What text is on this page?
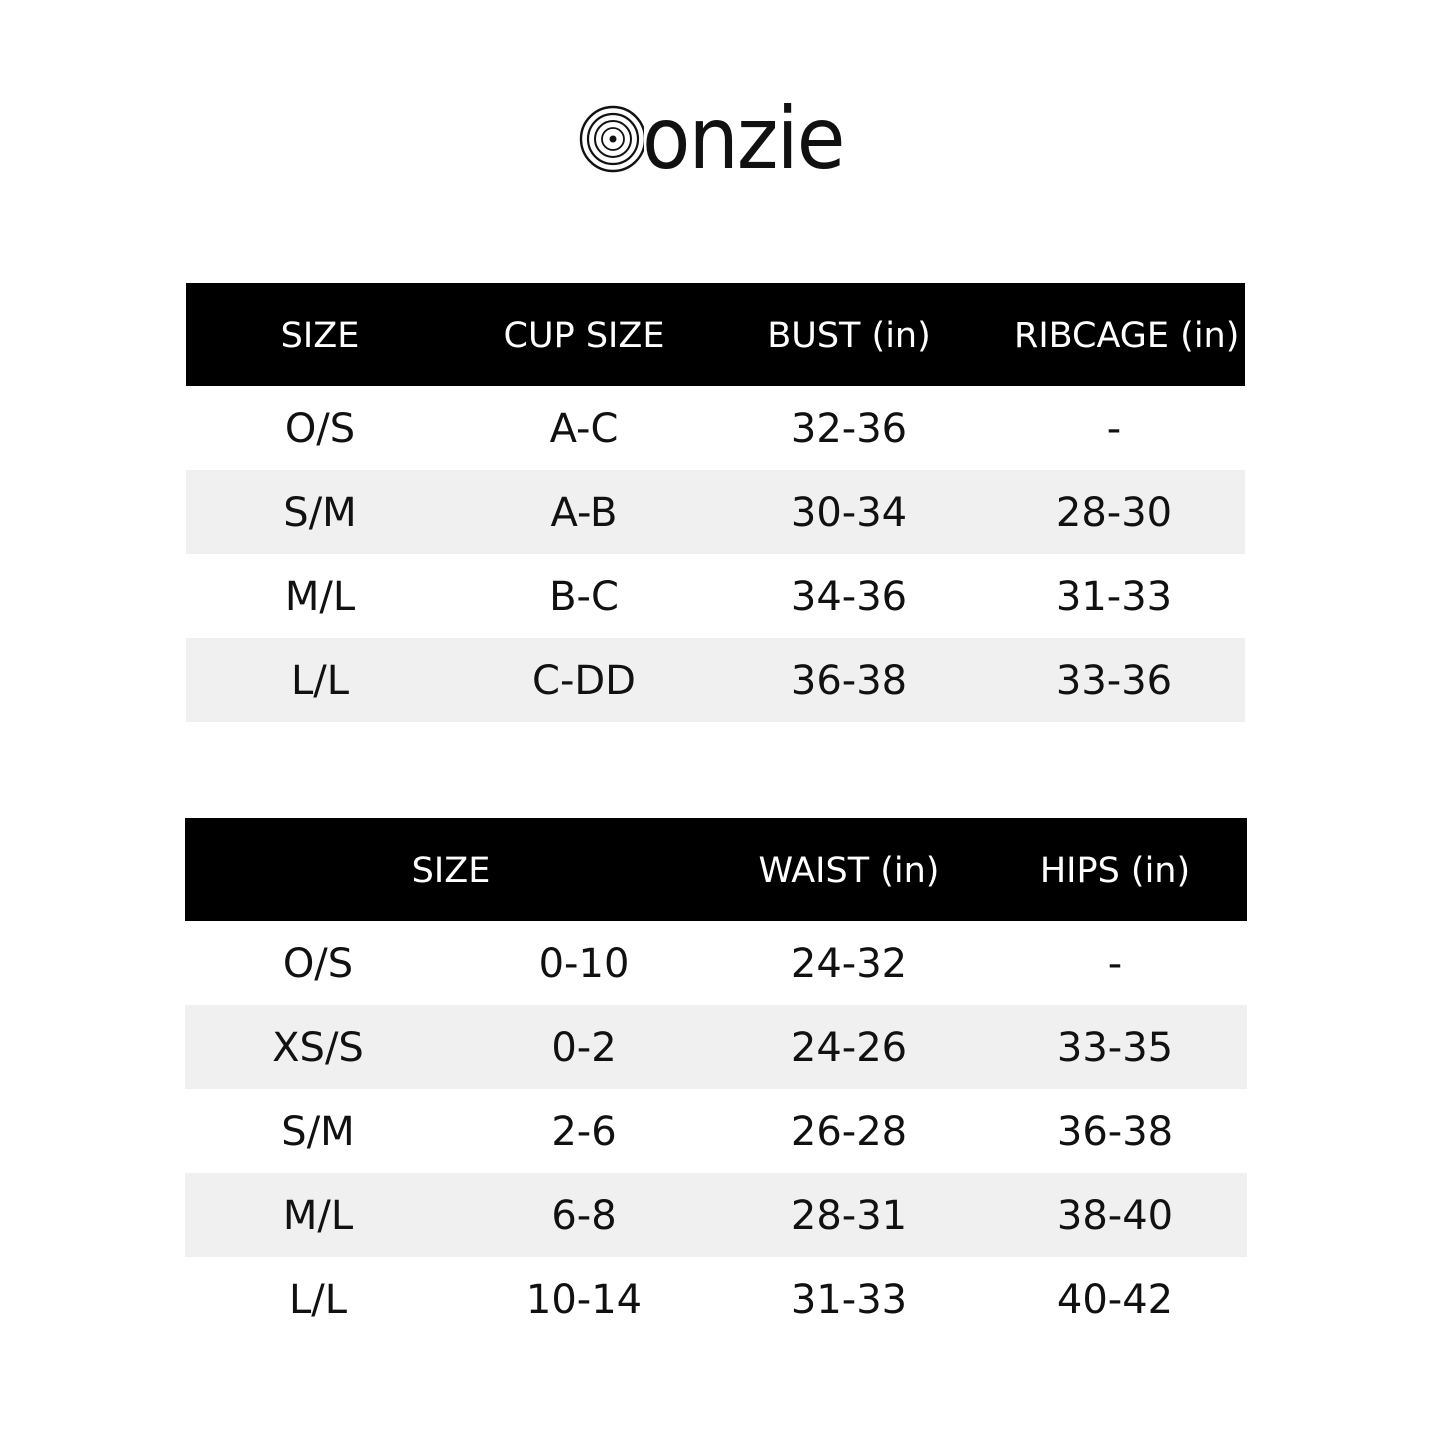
onzie
SIZE	CUP SIZE	BUST (in)	RIBCAGE (in)
O/S	A-C	32-36	-
S/M	A-B	30-34	28-30
M/L	B-C	34-36	31-33
L/L	C-DD	36-38	33-36
SIZE	WAIST (in)	HIPS (in)
O/S	0-10	24-32	-
XS/S	0-2	24-26	33-35
S/M	2-6	26-28	36-38
M/L	6-8	28-31	38-40
L/L	10-14	31-33	40-42
